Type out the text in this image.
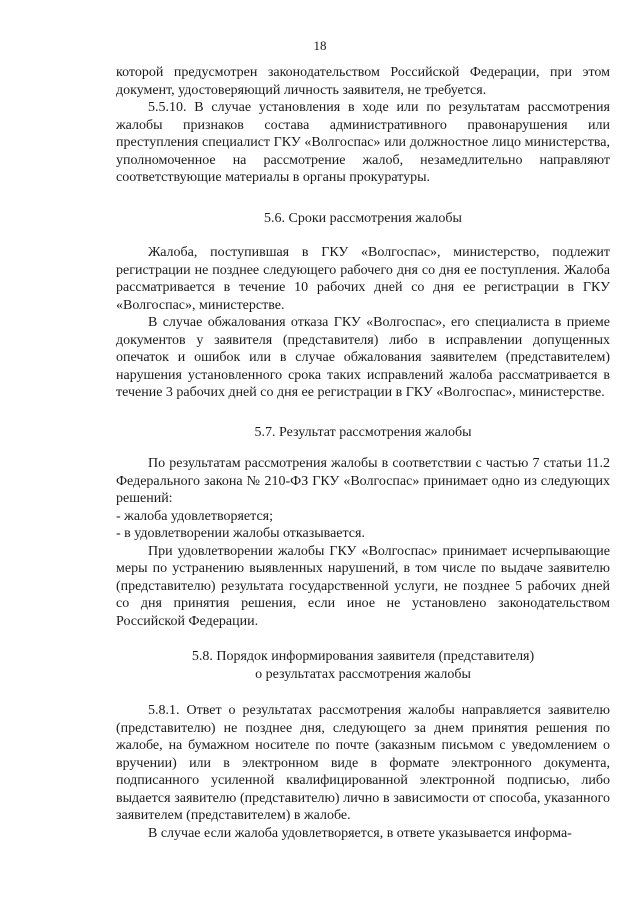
18

которой предусмотрен законодательством Российской Федерации, при этом документ, удостоверяющий личность заявителя, не требуется.

5.5.10. В случае установления в ходе или по результатам рассмотрения жалобы признаков состава административного правонарушения или преступления специалист ГКУ «Волгоспас» или должностное лицо министерства, уполномоченное на рассмотрение жалоб, незамедлительно направляют соответствующие материалы в органы прокуратуры.

5.6. Сроки рассмотрения жалобы

Жалоба, поступившая в ГКУ «Волгоспас», министерство, подлежит регистрации не позднее следующего рабочего дня со дня ее поступления. Жалоба рассматривается в течение 10 рабочих дней со дня ее регистрации в ГКУ «Волгоспас», министерстве.

В случае обжалования отказа ГКУ «Волгоспас», его специалиста в приеме документов у заявителя (представителя) либо в исправлении допущенных опечаток и ошибок или в случае обжалования заявителем (представителем) нарушения установленного срока таких исправлений жалоба рассматривается в течение 3 рабочих дней со дня ее регистрации в ГКУ «Волгоспас», министерстве.

5.7. Результат рассмотрения жалобы

По результатам рассмотрения жалобы в соответствии с частью 7 статьи 11.2 Федерального закона № 210-ФЗ ГКУ «Волгоспас» принимает одно из следующих решений:

- жалоба удовлетворяется;

- в удовлетворении жалобы отказывается.

При удовлетворении жалобы ГКУ «Волгоспас» принимает исчерпывающие меры по устранению выявленных нарушений, в том числе по выдаче заявителю (представителю) результата государственной услуги, не позднее 5 рабочих дней со дня принятия решения, если иное не установлено законодательством Российской Федерации.

5.8. Порядок информирования заявителя (представителя)
о результатах рассмотрения жалобы

5.8.1. Ответ о результатах рассмотрения жалобы направляется заявителю (представителю) не позднее дня, следующего за днем принятия решения по жалобе, на бумажном носителе по почте (заказным письмом с уведомлением о вручении) или в электронном виде в формате электронного документа, подписанного усиленной квалифицированной электронной подписью, либо выдается заявителю (представителю) лично в зависимости от способа, указанного заявителем (представителем) в жалобе.

В случае если жалоба удовлетворяется, в ответе указывается информа-
